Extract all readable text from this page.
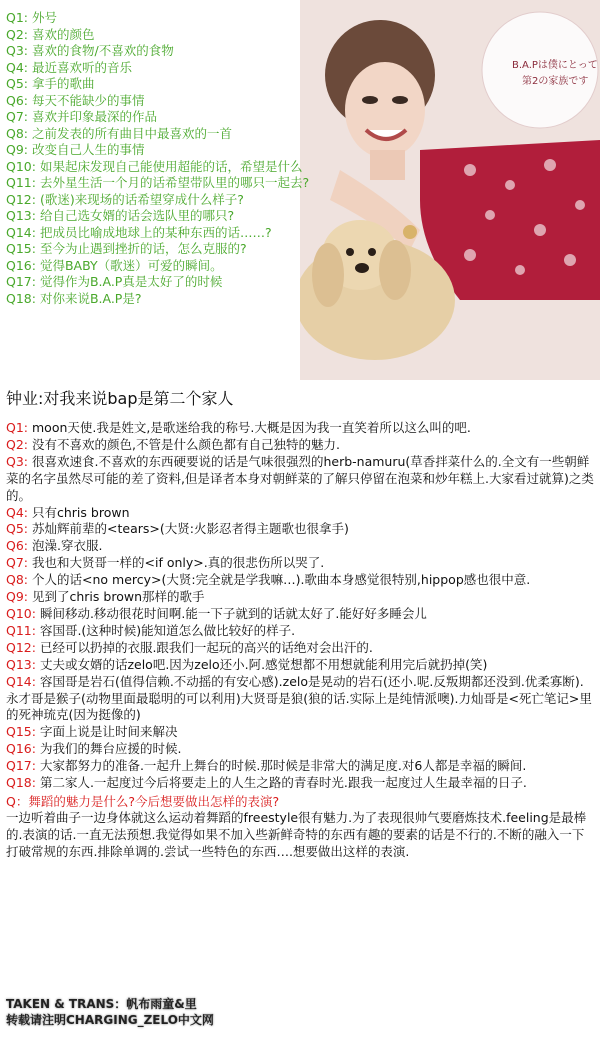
B.A.Pは僕にとって
第2の家族です
Q1: 外号
Q2: 喜欢的颜色
Q3: 喜欢的食物/不喜欢的食物
Q4: 最近喜欢听的音乐
Q5: 拿手的歌曲
Q6: 每天不能缺少的事情
Q7: 喜欢并印象最深的作品
Q8: 之前发表的所有曲目中最喜欢的一首
Q9: 改变自己人生的事情
Q10: 如果起床发现自己能使用超能的话，希望是什么
Q11: 去外星生活一个月的话希望带队里的哪只一起去?
Q12: (歌迷)来现场的话希望穿成什么样子?
Q13: 给自己选女婿的话会选队里的哪只?
Q14: 把成员比喻成地球上的某种东西的话……?
Q15: 至今为止遇到挫折的话，怎么克服的?
Q16: 觉得BABY（歌迷）可爱的瞬间。
Q17: 觉得作为B.A.P真是太好了的时候
Q18: 对你来说B.A.P是?
钟业:对我来说bap是第二个家人
Q1: moon天使.我是姓文,是歌迷给我的称号.大概是因为我一直笑着所以这么叫的吧.
Q2: 没有不喜欢的颜色,不管是什么颜色都有自己独特的魅力.
Q3: 很喜欢速食.不喜欢的东西硬要说的话是气味很强烈的herb-namuru(草香拌菜什么的.全文有一些朝鲜菜的名字虽然尽可能的差了资料,但是译者本身对朝鲜菜的了解只停留在泡菜和炒年糕上.大家看过就算)之类的。
Q4: 只有chris brown
Q5: 苏灿辉前辈的<tears>(大贤:火影忍者得主题歌也很拿手)
Q6: 泡澡.穿衣服.
Q7: 我也和大贤哥一样的<if only>.真的很悲伤所以哭了.
Q8: 个人的话<no mercy>(大贤:完全就是学我嘛…).歌曲本身感觉很特别,hippop感也很中意.
Q9: 见到了chris brown那样的歌手
Q10: 瞬间移动.移动很花时间啊.能一下子就到的话就太好了.能好好多睡会儿
Q11: 容国哥.(这种时候)能知道怎么做比较好的样子.
Q12: 已经可以扔掉的衣服.跟我们一起玩的高兴的话绝对会出汗的.
Q13: 丈夫或女婿的话zelo吧.因为zelo还小.阿.感觉想都不用想就能利用完后就扔掉(笑)
Q14: 容国哥是岩石(值得信赖.不动摇的有安心感).zelo是晃动的岩石(还小.呢.反叛期都还没到.优柔寡断).永才哥是猴子(动物里面最聪明的可以利用)大贤哥是狼(狼的话.实际上是纯情派噢).力灿哥是<死亡笔记>里的死神琉克(因为挺像的)
Q15: 字面上说是让时间来解决
Q16: 为我们的舞台应援的时候.
Q17: 大家都努力的准备.一起升上舞台的时候.那时候是非常大的满足度.对6人都是幸福的瞬间.
Q18: 第二家人.一起度过今后将要走上的人生之路的青春时光.跟我一起度过人生最幸福的日子.
Q：舞蹈的魅力是什么?今后想要做出怎样的表演?
一边听着曲子一边身体就这么运动着舞蹈的freestyle很有魅力.为了表现很帅气要磨炼技术.feeling是最棒的.表演的话.一直无法预想.我觉得如果不加入些新鲜奇特的东西有趣的要素的话是不行的.不断的融入一下打破常规的东西.排除单调的.尝试一些特色的东西….想要做出这样的表演.
TAKEN & TRANS：帆布雨童&里
转载请注明CHARGING_ZELO中文网
